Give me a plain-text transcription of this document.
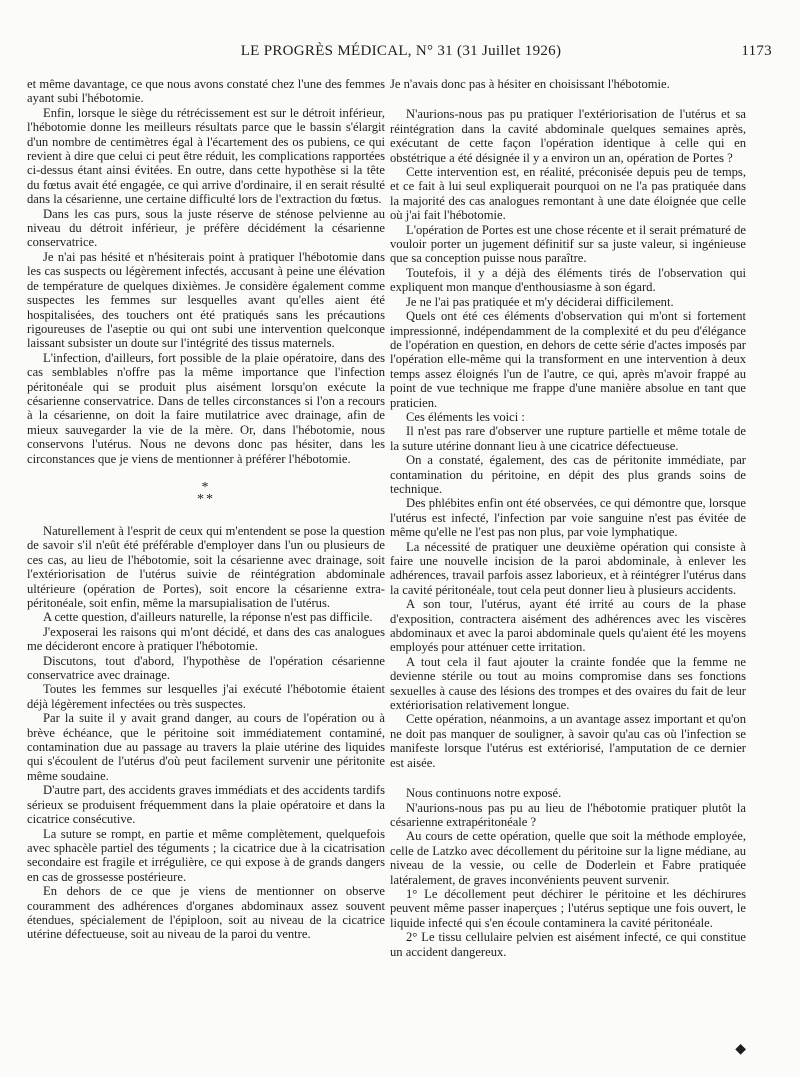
LE PROGRÈS MÉDICAL, N° 31 (31 Juillet 1926)	1173

et même davantage, ce que nous avons constaté chez l'une des femmes ayant subi l'hébotomie.

Enfin, lorsque le siège du rétrécissement est sur le détroit inférieur, l'hébotomie donne les meilleurs résultats parce que le bassin s'élargit d'un nombre de centimètres égal à l'écartement des os pubiens, ce qui revient à dire que celui ci peut être réduit, les complications rapportées ci-dessus étant ainsi évitées. En outre, dans cette hypothèse si la tête du fœtus avait été engagée, ce qui arrive d'ordinaire, il en serait résulté dans la césarienne, une certaine difficulté lors de l'extraction du fœtus.

Dans les cas purs, sous la juste réserve de sténose pelvienne au niveau du détroit inférieur, je préfère décidément la césarienne conservatrice.

Je n'ai pas hésité et n'hésiterais point à pratiquer l'hébotomie dans les cas suspects ou légèrement infectés, accusant à peine une élévation de température de quelques dixièmes. Je considère également comme suspectes les femmes sur lesquelles avant qu'elles aient été hospitalisées, des touchers ont été pratiqués sans les précautions rigoureuses de l'aseptie ou qui ont subi une intervention quelconque laissant subsister un doute sur l'intégrité des tissus maternels.

L'infection, d'ailleurs, fort possible de la plaie opératoire, dans des cas semblables n'offre pas la même importance que l'infection péritonéale qui se produit plus aisément lorsqu'on exécute la césarienne conservatrice. Dans de telles circonstances si l'on a recours à la césarienne, on doit la faire mutilatrice avec drainage, afin de mieux sauvegarder la vie de la mère. Or, dans l'hébotomie, nous conservons l'utérus. Nous ne devons donc pas hésiter, dans les circonstances que je viens de mentionner à préférer l'hébotomie.

*
**

Naturellement à l'esprit de ceux qui m'entendent se pose la question de savoir s'il n'eût été préférable d'employer dans l'un ou plusieurs de ces cas, au lieu de l'hébotomie, soit la césarienne avec drainage, soit l'extériorisation de l'utérus suivie de réintégration abdominale ultérieure (opération de Portes), soit encore la césarienne extra-péritonéale, soit enfin, même la marsupialisation de l'utérus.

A cette question, d'ailleurs naturelle, la réponse n'est pas difficile.

J'exposerai les raisons qui m'ont décidé, et dans des cas analogues me décideront encore à pratiquer l'hébotomie.

Discutons, tout d'abord, l'hypothèse de l'opération césarienne conservatrice avec drainage.

Toutes les femmes sur lesquelles j'ai exécuté l'hébotomie étaient déjà légèrement infectées ou très suspectes.

Par la suite il y avait grand danger, au cours de l'opération ou à brève échéance, que le péritoine soit immédiatement contaminé, contamination due au passage au travers la plaie utérine des liquides qui s'écoulent de l'utérus d'où peut facilement survenir une péritonite même soudaine.

D'autre part, des accidents graves immédiats et des accidents tardifs sérieux se produisent fréquemment dans la plaie opératoire et dans la cicatrice consécutive.

La suture se rompt, en partie et même complètement, quelquefois avec sphacèle partiel des téguments ; la cicatrice due à la cicatrisation secondaire est fragile et irrégulière, ce qui expose à de grands dangers en cas de grossesse postérieure.

En dehors de ce que je viens de mentionner on observe couramment des adhérences d'organes abdominaux assez souvent étendues, spécialement de l'épiploon, soit au niveau de la cicatrice utérine défectueuse, soit au niveau de la paroi du ventre.

Je n'avais donc pas à hésiter en choisissant l'hébotomie.

N'aurions-nous pas pu pratiquer l'extériorisation de l'utérus et sa réintégration dans la cavité abdominale quelques semaines après, exécutant de cette façon l'opération identique à celle qui en obstétrique a été désignée il y a environ un an, opération de Portes ?

Cette intervention est, en réalité, préconisée depuis peu de temps, et ce fait à lui seul expliquerait pourquoi on ne l'a pas pratiquée dans la majorité des cas analogues remontant à une date éloignée que celle où j'ai fait l'hébotomie.

L'opération de Portes est une chose récente et il serait prématuré de vouloir porter un jugement définitif sur sa juste valeur, si ingénieuse que sa conception puisse nous paraître.

Toutefois, il y a déjà des éléments tirés de l'observation qui expliquent mon manque d'enthousiasme à son égard.

Je ne l'ai pas pratiquée et m'y déciderai difficilement.

Quels ont été ces éléments d'observation qui m'ont si fortement impressionné, indépendamment de la complexité et du peu d'élégance de l'opération en question, en dehors de cette série d'actes imposés par l'opération elle-même qui la transforment en une intervention à deux temps assez éloignés l'un de l'autre, ce qui, après m'avoir frappé au point de vue technique me frappe d'une manière absolue en tant que praticien.

Ces éléments les voici :

Il n'est pas rare d'observer une rupture partielle et même totale de la suture utérine donnant lieu à une cicatrice défectueuse.

On a constaté, également, des cas de péritonite immédiate, par contamination du péritoine, en dépit des plus grands soins de technique.

Des phlébites enfin ont été observées, ce qui démontre que, lorsque l'utérus est infecté, l'infection par voie sanguine n'est pas évitée de même qu'elle ne l'est pas non plus, par voie lymphatique.

La nécessité de pratiquer une deuxième opération qui consiste à faire une nouvelle incision de la paroi abdominale, à enlever les adhérences, travail parfois assez laborieux, et à réintégrer l'utérus dans la cavité péritonéale, tout cela peut donner lieu à plusieurs accidents.

A son tour, l'utérus, ayant été irrité au cours de la phase d'exposition, contractera aisément des adhérences avec les viscères abdominaux et avec la paroi abdominale quels qu'aient été les moyens employés pour atténuer cette irritation.

A tout cela il faut ajouter la crainte fondée que la femme ne devienne stérile ou tout au moins compromise dans ses fonctions sexuelles à cause des lésions des trompes et des ovaires du fait de leur extériorisation relativement longue.

Cette opération, néanmoins, a un avantage assez important et qu'on ne doit pas manquer de souligner, à savoir qu'au cas où l'infection se manifeste lorsque l'utérus est extériorisé, l'amputation de ce dernier est aisée.

Nous continuons notre exposé.

N'aurions-nous pas pu au lieu de l'hébotomie pratiquer plutôt la césarienne extrapéritonéale ?

Au cours de cette opération, quelle que soit la méthode employée, celle de Latzko avec décollement du péritoine sur la ligne médiane, au niveau de la vessie, ou celle de Doderlein et Fabre pratiquée latéralement, de graves inconvénients peuvent survenir.

1° Le décollement peut déchirer le péritoine et les déchirures peuvent même passer inaperçues ; l'utérus septique une fois ouvert, le liquide infecté qui s'en écoule contaminera la cavité péritonéale.

2° Le tissu cellulaire pelvien est aisément infecté, ce qui constitue un accident dangereux.

◆
